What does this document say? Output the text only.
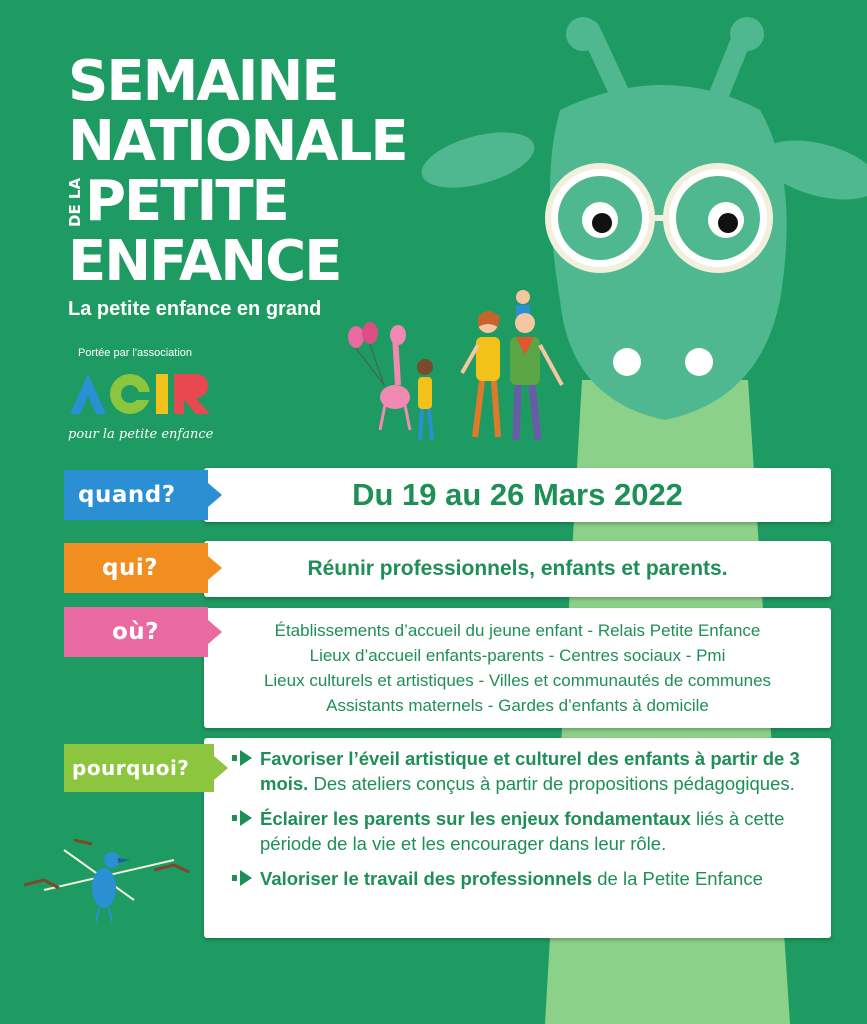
SEMAINE
NATIONALE
DE LA PETITE
ENFANCE
La petite enfance en grand
Portée par l'association
pour la petite enfance
Du 19 au 26 Mars 2022
quand?
Réunir professionnels, enfants et parents.
qui?
Établissements d’accueil du jeune enfant - Relais Petite Enfance
Lieux d’accueil enfants-parents - Centres sociaux - Pmi
Lieux culturels et artistiques - Villes et communautés de communes
Assistants maternels - Gardes d’enfants à domicile
où?
Favoriser l’éveil artistique et culturel des enfants à partir de 3 mois. Des ateliers conçus à partir de propositions pédagogiques.
Éclairer les parents sur les enjeux fondamentaux liés à cette période de la vie et les encourager dans leur rôle.
Valoriser le travail des professionnels de la Petite Enfance
pourquoi?
